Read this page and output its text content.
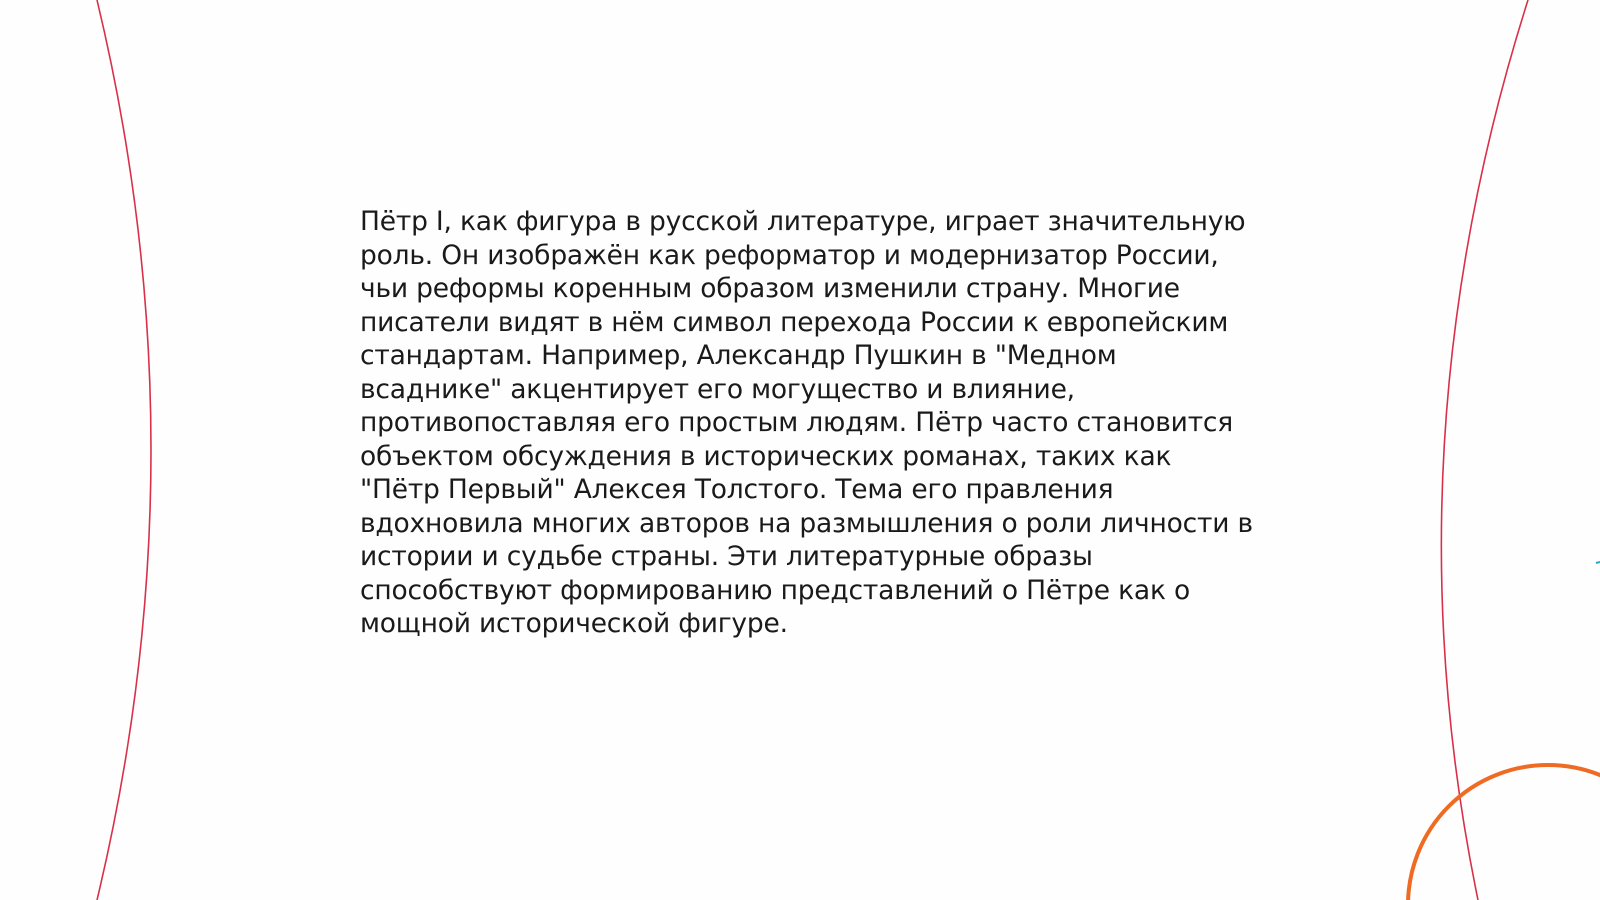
Пётр I, как фигура в русской литературе, играет значительную роль. Он изображён как реформатор и модернизатор России, чьи реформы коренным образом изменили страну. Многие писатели видят в нём символ перехода России к европейским стандартам. Например, Александр Пушкин в "Медном всаднике" акцентирует его могущество и влияние, противопоставляя его простым людям. Пётр часто становится объектом обсуждения в исторических романах, таких как "Пётр Первый" Алексея Толстого. Тема его правления вдохновила многих авторов на размышления о роли личности в истории и судьбе страны. Эти литературные образы способствуют формированию представлений о Пётре как о мощной исторической фигуре.
